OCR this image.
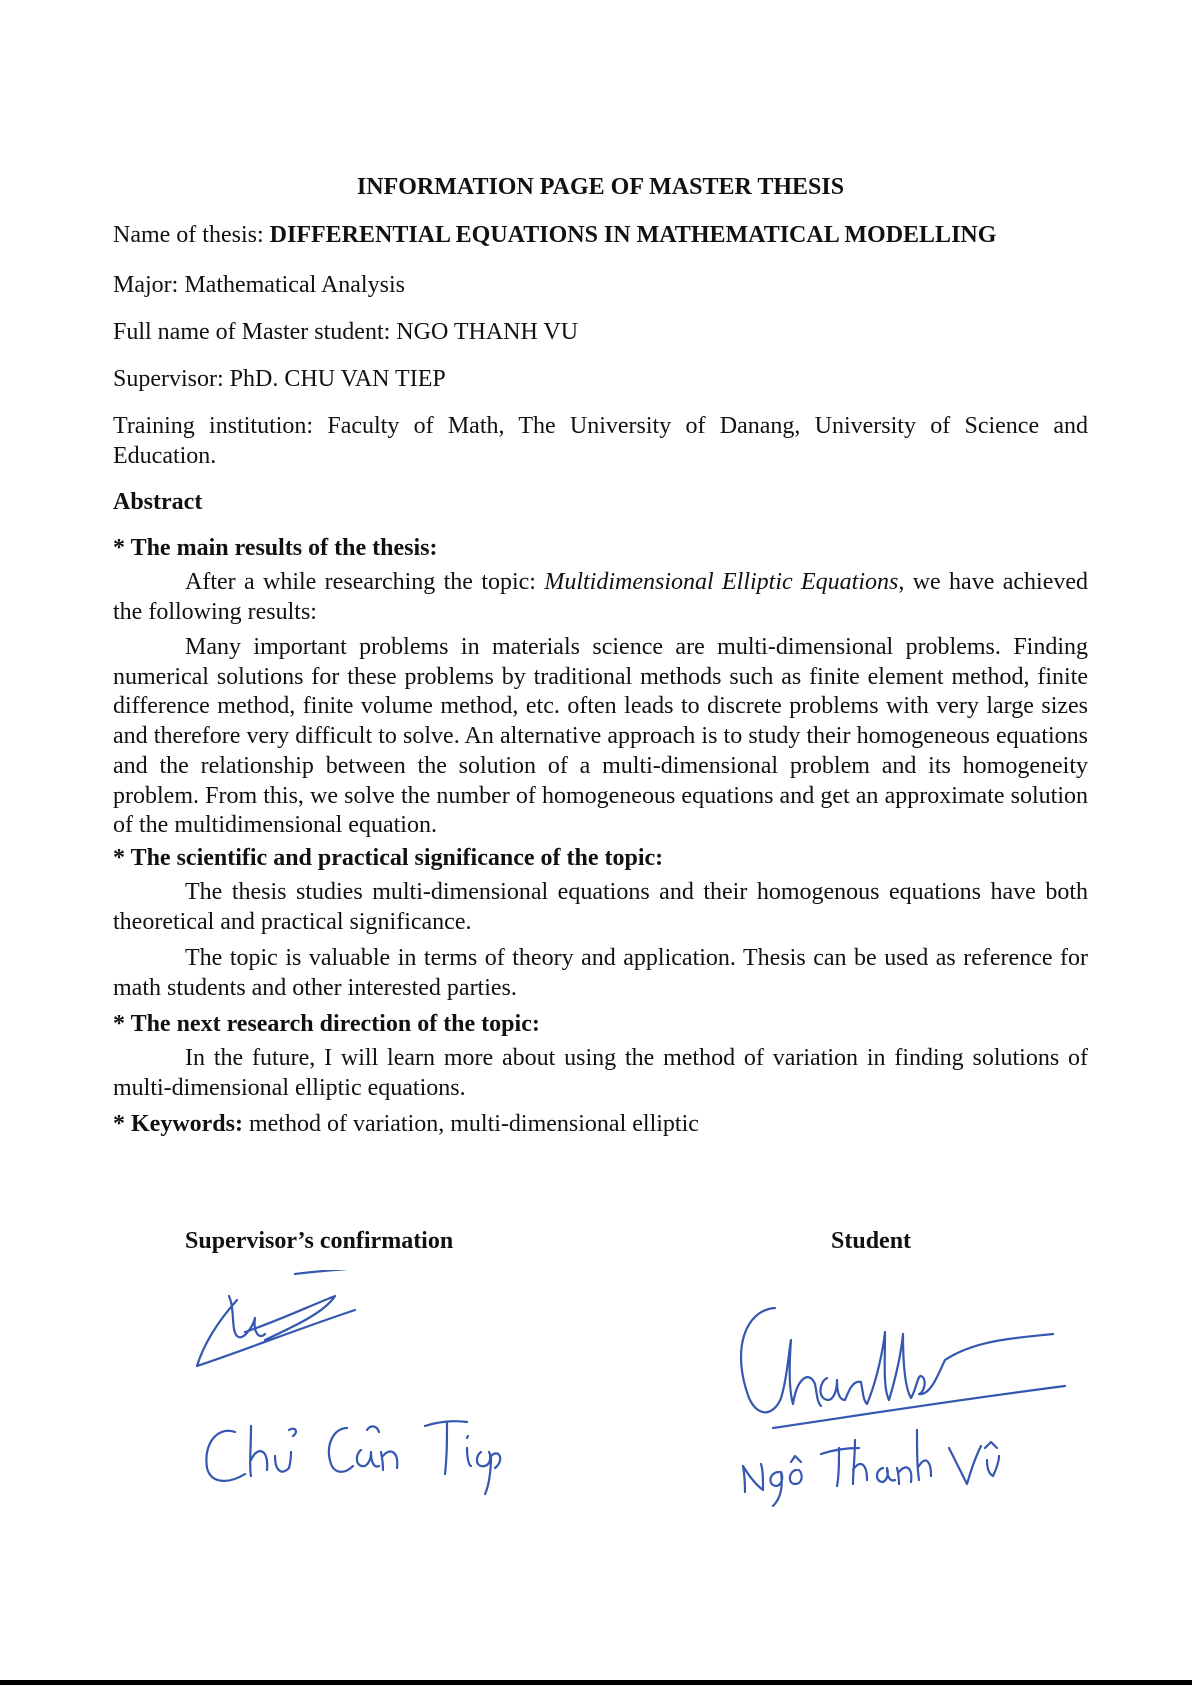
INFORMATION PAGE OF MASTER THESIS
Name of thesis: DIFFERENTIAL EQUATIONS IN MATHEMATICAL MODELLING
Major: Mathematical Analysis
Full name of Master student: NGO THANH VU
Supervisor: PhD. CHU VAN TIEP
Training institution: Faculty of Math, The University of Danang, University of Science and Education.
Abstract
* The main results of the thesis:
After a while researching the topic: Multidimensional Elliptic Equations, we have achieved the following results:
Many important problems in materials science are multi-dimensional problems. Finding numerical solutions for these problems by traditional methods such as finite element method, finite difference method, finite volume method, etc. often leads to discrete problems with very large sizes and therefore very difficult to solve. An alternative approach is to study their homogeneous equations and the relationship between the solution of a multi-dimensional problem and its homogeneity problem. From this, we solve the number of homogeneous equations and get an approximate solution of the multidimensional equation.
* The scientific and practical significance of the topic:
The thesis studies multi-dimensional equations and their homogenous equations have both theoretical and practical significance.
The topic is valuable in terms of theory and application. Thesis can be used as reference for math students and other interested parties.
* The next research direction of the topic:
In the future, I will learn more about using the method of variation in finding solutions of multi-dimensional elliptic equations.
* Keywords: method of variation, multi-dimensional elliptic
Supervisor’s confirmation	Student
